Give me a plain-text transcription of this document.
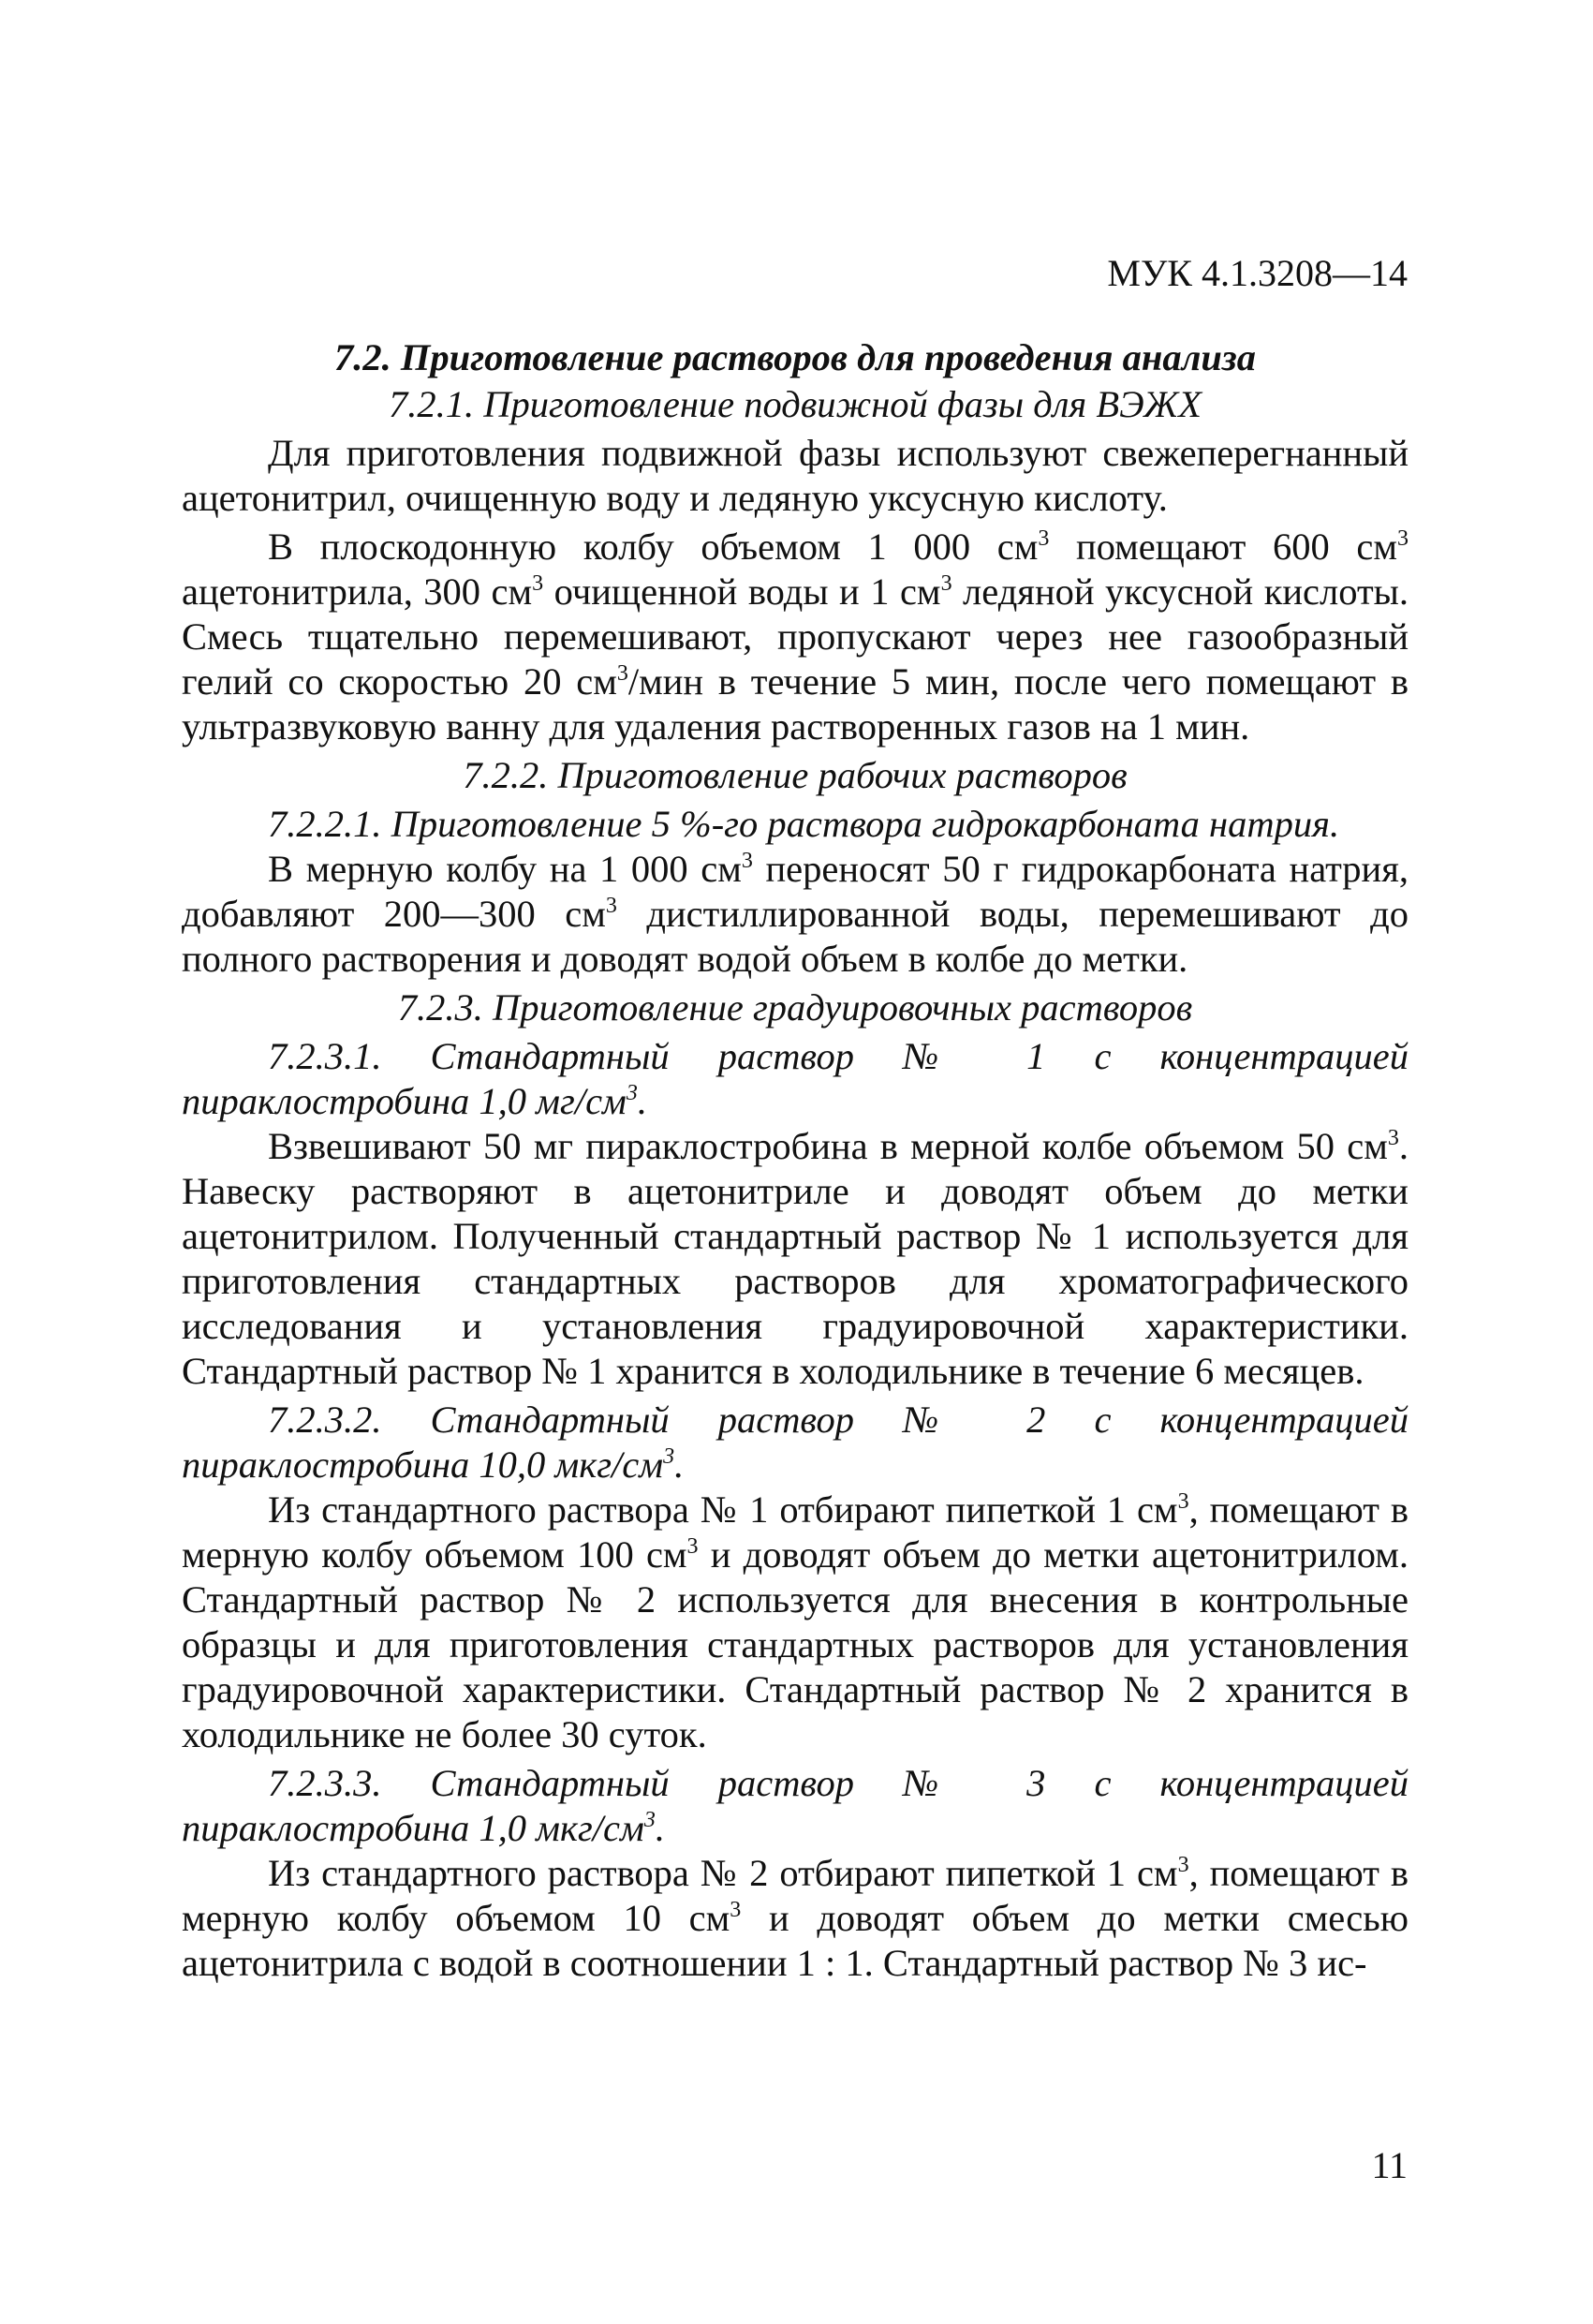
МУК 4.1.3208—14

7.2. Приготовление растворов для проведения анализа

7.2.1. Приготовление подвижной фазы для ВЭЖХ

Для приготовления подвижной фазы используют свежеперегнанный ацетонитрил, очищенную воду и ледяную уксусную кислоту.

В плоскодонную колбу объемом 1 000 $см^3$ помещают 600 $см^3$ ацетонитрила, 300 $см^3$ очищенной воды и 1 $см^3$ ледяной уксусной кислоты. Смесь тщательно перемешивают, пропускают через нее газообразный гелий со скоростью 20 $см^3$/мин в течение 5 мин, после чего помещают в ультразвуковую ванну для удаления растворенных газов на 1 мин.

7.2.2. Приготовление рабочих растворов

7.2.2.1. Приготовление 5 %-го раствора гидрокарбоната натрия.

В мерную колбу на 1 000 $см^3$ переносят 50 г гидрокарбоната натрия, добавляют 200—300 $см^3$ дистиллированной воды, перемешивают до полного растворения и доводят водой объем в колбе до метки.

7.2.3. Приготовление градуировочных растворов

7.2.3.1. Стандартный раствор № 1 с концентрацией пираклостробина 1,0 $мг/см^3$.

Взвешивают 50 мг пираклостробина в мерной колбе объемом 50 $см^3$. Навеску растворяют в ацетонитриле и доводят объем до метки ацетонитрилом. Полученный стандартный раствор № 1 используется для приготовления стандартных растворов для хроматографического исследования и установления градуировочной характеристики. Стандартный раствор № 1 хранится в холодильнике в течение 6 месяцев.

7.2.3.2. Стандартный раствор № 2 с концентрацией пираклостробина 10,0 мкг/$см^3$.

Из стандартного раствора № 1 отбирают пипеткой 1 $см^3$, помещают в мерную колбу объемом 100 $см^3$ и доводят объем до метки ацетонитрилом. Стандартный раствор № 2 используется для внесения в контрольные образцы и для приготовления стандартных растворов для установления градуировочной характеристики. Стандартный раствор № 2 хранится в холодильнике не более 30 суток.

7.2.3.3. Стандартный раствор № 3 с концентрацией пираклостробина 1,0 мкг/$см^3$.

Из стандартного раствора № 2 отбирают пипеткой 1 $см^3$, помещают в мерную колбу объемом 10 $см^3$ и доводят объем до метки смесью ацетонитрила с водой в соотношении 1 : 1. Стандартный раствор № 3 ис-

11
